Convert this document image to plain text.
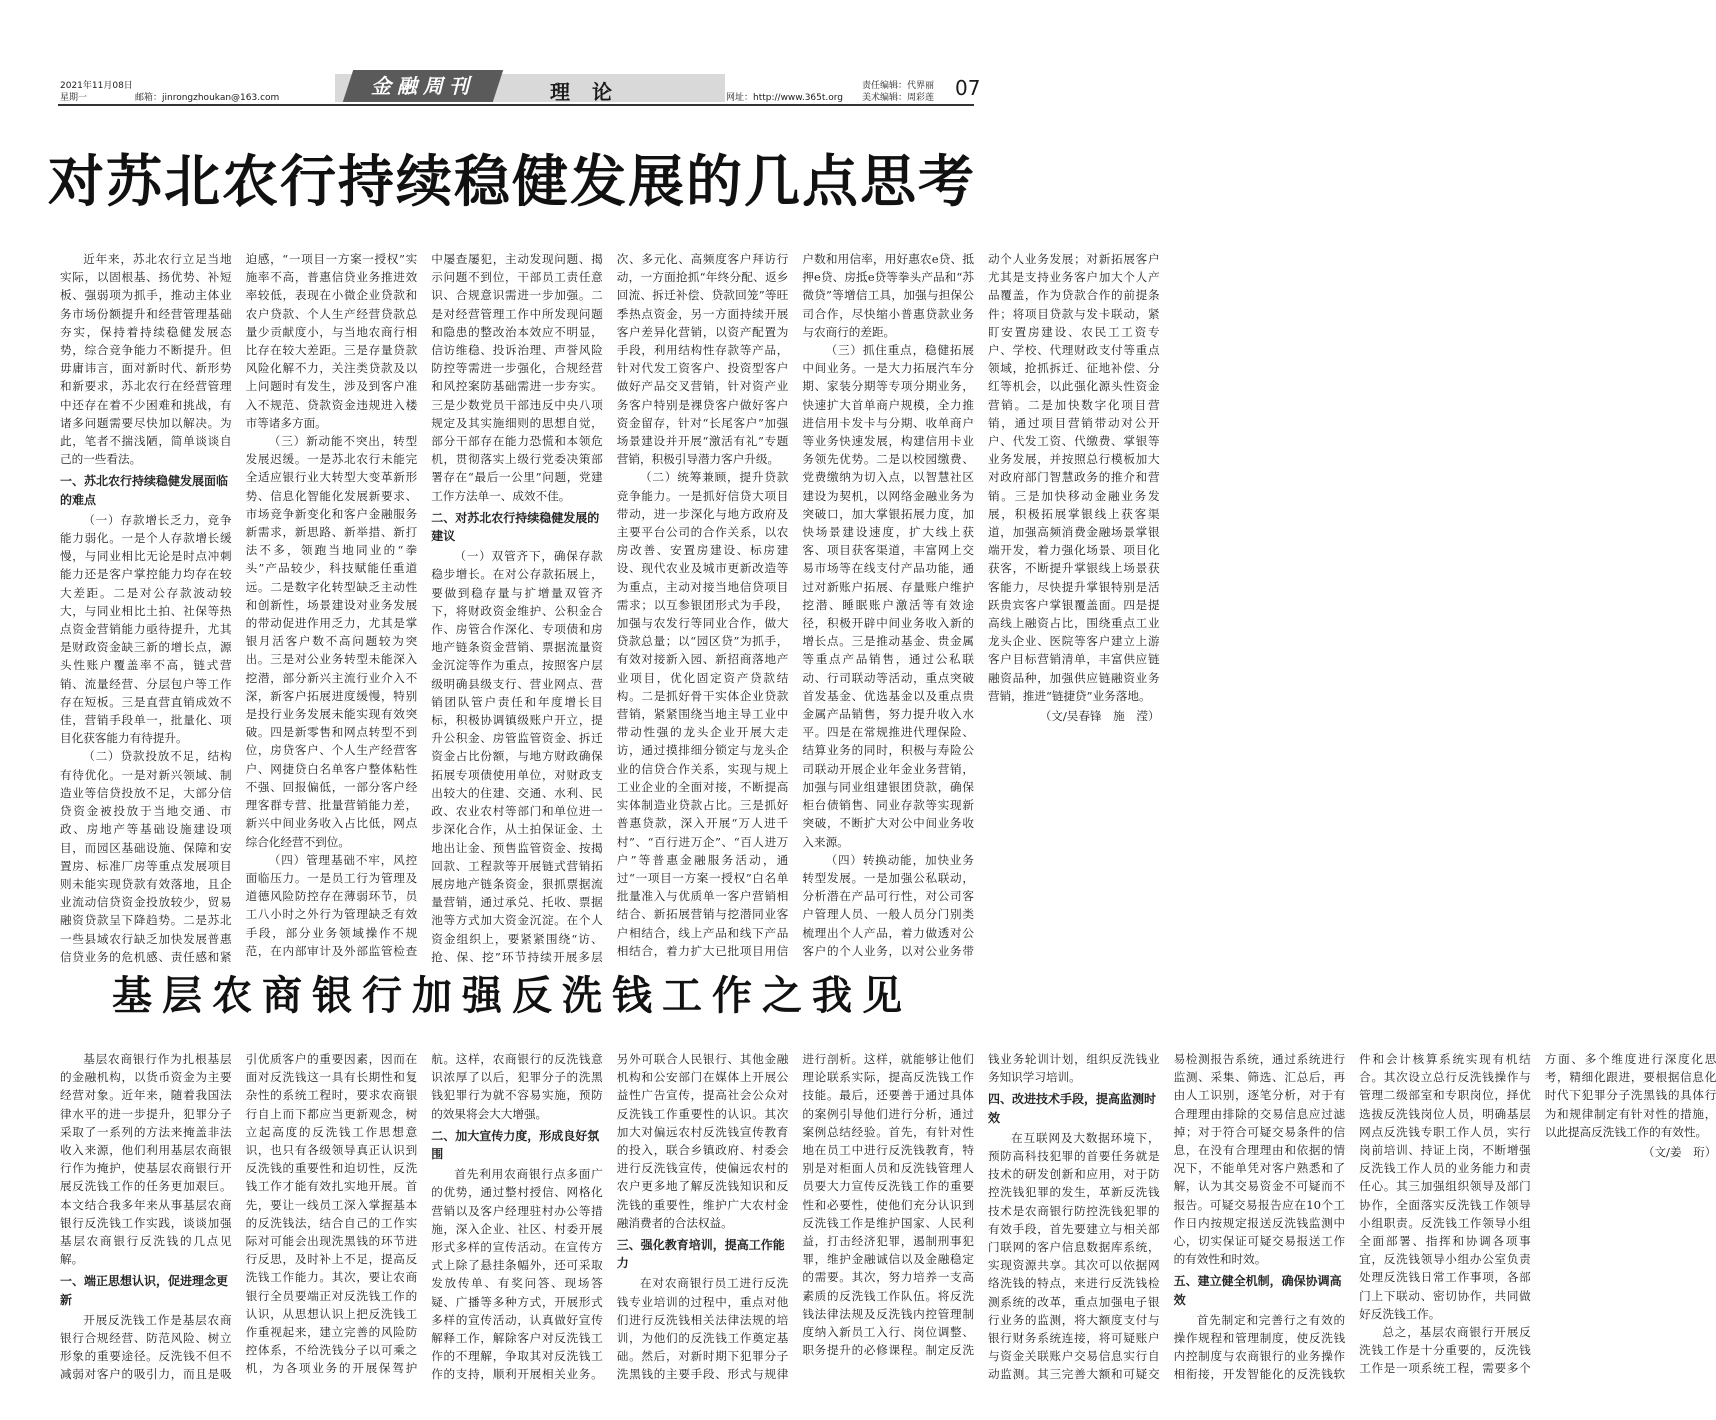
2021年11月08日
星期一	邮箱：jinrongzhoukan@163.com	金融周刊	理论	网址：http://www.365t.org
责任编辑：代界丽
美术编辑：周彩莲 07
对苏北农行持续稳健发展的几点思考

近年来，苏北农行立足当地实际，以固根基、扬优势、补短板、强弱项为抓手，推动主体业务市场份额提升和经营管理基础夯实，保持着持续稳健发展态势，综合竞争能力不断提升。但毋庸讳言，面对新时代、新形势和新要求，苏北农行在经营管理中还存在着不少困难和挑战，有诸多问题需要尽快加以解决。为此，笔者不揣浅陋，简单谈谈自己的一些看法。

一、苏北农行持续稳健发展面临的难点

（一）存款增长乏力，竞争能力弱化。一是个人存款增长缓慢，与同业相比无论是时点冲刺能力还是客户掌控能力均存在较大差距。二是对公存款波动较大，与同业相比土拍、社保等热点资金营销能力亟待提升，尤其是财政资金缺三新的增长点，源头性账户覆盖率不高，链式营销、流量经营、分层包户等工作存在短板。三是直营直销成效不佳，营销手段单一，批量化、项目化获客能力有待提升。

（二）贷款投放不足，结构有待优化。一是对新兴领域、制造业等信贷投放不足，大部分信贷资金被投放于当地交通、市政、房地产等基础设施建设项目，而园区基础设施、保障和安置房、标准厂房等重点发展项目则未能实现贷款有效落地，且企业流动信贷资金投放较少，贸易融资贷款呈下降趋势。二是苏北一些县域农行缺乏加快发展普惠信贷业务的危机感、责任感和紧迫感，“一项目一方案一授权”实施率不高，普惠信贷业务推进效率较低，表现在小微企业贷款和农户贷款、个人生产经营贷款总量少贡献度小，与当地农商行相比存在较大差距。三是存量贷款风险化解不力，关注类贷款及以上问题时有发生，涉及到客户准入不规范、贷款资金违规进入楼市等诸多方面。

（三）新动能不突出，转型发展迟缓。一是苏北农行未能完全适应银行业大转型大变革新形势、信息化智能化发展新要求、市场竞争新变化和客户金融服务新需求，新思路、新举措、新打法不多，领跑当地同业的“拳头”产品较少，科技赋能任重道远。二是数字化转型缺乏主动性和创新性，场景建设对业务发展的带动促进作用乏力，尤其是掌银月活客户数不高问题较为突出。三是对公业务转型未能深入挖潜，部分新兴主流行业介入不深，新客户拓展进度缓慢，特别是投行业务发展未能实现有效突破。四是新零售和网点转型不到位，房贷客户、个人生产经营客户、网捷贷白名单客户整体粘性不强、回报偏低，一部分客户经理客群专营、批量营销能力差，新兴中间业务收入占比低，网点综合化经营不到位。

（四）管理基础不牢，风控面临压力。一是员工行为管理及道德风险防控存在薄弱环节，员工八小时之外行为管理缺乏有效手段，部分业务领域操作不规范，在内部审计及外部监管检查中屡查屡犯，主动发现问题、揭示问题不到位，干部员工责任意识、合规意识需进一步加强。二是对经营管理工作中所发现问题和隐患的整改治本效应不明显，信访维稳、投诉治理、声誉风险防控等需进一步强化，合规经营和风控案防基础需进一步夯实。三是少数党员干部违反中央八项规定及其实施细则的思想自觉，部分干部存在能力恐慌和本领危机，贯彻落实上级行党委决策部署存在“最后一公里”问题，党建工作方法单一、成效不佳。

二、对苏北农行持续稳健发展的建议

（一）双管齐下，确保存款稳步增长。在对公存款拓展上，要做到稳存量与扩增量双管齐下，将财政资金维护、公积金合作、房管合作深化、专项债和房地产链条资金营销、票据流量资金沉淀等作为重点，按照客户层级明确县级支行、营业网点、营销团队管户责任和年度增长目标，积极协调镇级账户开立，提升公积金、房管监管资金、拆迁资金占比份额，与地方财政确保拓展专项债使用单位，对财政支出较大的住建、交通、水利、民政、农业农村等部门和单位进一步深化合作，从土拍保证金、土地出让金、预售监管资金、按揭回款、工程款等开展链式营销拓展房地产链条资金，狠抓票据流量营销，通过承兑、托收、票据池等方式加大资金沉淀。在个人资金组织上，要紧紧围绕“访、抢、保、挖”环节持续开展多层次、多元化、高频度客户拜访行动，一方面抢抓“年终分配、返乡回流、拆迁补偿、贷款回笼”等旺季热点资金，另一方面持续开展客户差异化营销，以资产配置为手段，利用结构性存款等产品，针对代发工资客户、投资型客户做好产品交叉营销，针对资产业务客户特别是裸贷客户做好客户资金留存，针对“长尾客户”加强场景建设并开展“激活有礼”专题营销，积极引导潜力客户升级。

（二）统筹兼顾，提升贷款竞争能力。一是抓好信贷大项目带动，进一步深化与地方政府及主要平台公司的合作关系，以农房改善、安置房建设、标房建设、现代农业及城市更新改造等为重点，主动对接当地信贷项目需求；以互参银团形式为手段，加强与农发行等同业合作，做大贷款总量；以“园区贷”为抓手，有效对接新入园、新招商落地产业项目，优化固定资产贷款结构。二是抓好骨干实体企业贷款营销，紧紧围绕当地主导工业中带动性强的龙头企业开展大走访，通过摸排细分锁定与龙头企业的信贷合作关系，实现与规上工业企业的全面对接，不断提高实体制造业贷款占比。三是抓好普惠贷款，深入开展“万人进千村”、“百行进万企”、“百人进万户”等普惠金融服务活动，通过“一项目一方案一授权”白名单批量准入与优质单一客户营销相结合、新拓展营销与挖潜同业客户相结合，线上产品和线下产品相结合，着力扩大已批项目用信户数和用信率，用好惠农e贷、抵押e贷、房抵e贷等拳头产品和“苏微贷”等增信工具，加强与担保公司合作，尽快缩小普惠贷款业务与农商行的差距。

（三）抓住重点，稳健拓展中间业务。一是大力拓展汽车分期、家装分期等专项分期业务，快速扩大首单商户规模，全力推进信用卡发卡与分期、收单商户等业务快速发展，构建信用卡业务领先优势。二是以校园缴费、党费缴纳为切入点，以智慧社区建设为契机，以网络金融业务为突破口，加大掌银拓展力度，加快场景建设速度，扩大线上获客、项目获客渠道，丰富网上交易市场等在线支付产品功能，通过对新账户拓展、存量账户维护挖潜、睡眠账户激活等有效途径，积极开辟中间业务收入新的增长点。三是推动基金、贵金属等重点产品销售，通过公私联动、行司联动等活动，重点突破首发基金、优选基金以及重点贵金属产品销售，努力提升收入水平。四是在常规推进代理保险、结算业务的同时，积极与寿险公司联动开展企业年金业务营销，加强与同业组建银团贷款，确保柜台债销售、同业存款等实现新突破，不断扩大对公中间业务收入来源。

（四）转换动能，加快业务转型发展。一是加强公私联动，分析潜在产品可行性，对公司客户管理人员、一般人员分门别类梳理出个人产品，着力做透对公客户的个人业务，以对公业务带动个人业务发展；对新拓展客户尤其是支持业务客户加大个人产品覆盖，作为贷款合作的前提条件；将项目贷款与发卡联动，紧盯安置房建设、农民工工资专户、学校、代理财政支付等重点领域，抢抓拆迁、征地补偿、分红等机会，以此强化源头性资金营销。二是加快数字化项目营销，通过项目营销带动对公开户、代发工资、代缴费、掌银等业务发展，并按照总行模板加大对政府部门智慧政务的推介和营销。三是加快移动金融业务发展，积极拓展掌银线上获客渠道，加强高频消费金融场景掌银端开发，着力强化场景、项目化获客，不断提升掌银线上场景获客能力，尽快提升掌银特别是活跃贵宾客户掌银覆盖面。四是提高线上融资占比，围绕重点工业龙头企业、医院等客户建立上游客户目标营销清单，丰富供应链融资品种，加强供应链融资业务营销，推进“链捷贷”业务落地。

（文/吴春锋　施　滢）

基层农商银行加强反洗钱工作之我见

基层农商银行作为扎根基层的金融机构，以货币资金为主要经营对象。近年来，随着我国法律水平的进一步提升，犯罪分子采取了一系列的方法来掩盖非法收入来源，他们利用基层农商银行作为掩护，使基层农商银行开展反洗钱工作的任务更加艰巨。本文结合我多年来从事基层农商银行反洗钱工作实践，谈谈加强基层农商银行反洗钱的几点见解。

一、端正思想认识，促进理念更新

开展反洗钱工作是基层农商银行合规经营、防范风险、树立形象的重要途径。反洗钱不但不减弱对客户的吸引力，而且是吸引优质客户的重要因素，因而在面对反洗钱这一具有长期性和复杂性的系统工程时，要求农商银行自上而下都应当更新观念，树立起高度的反洗钱工作思想意识，也只有各级领导真正认识到反洗钱的重要性和迫切性，反洗钱工作才能有效扎实地开展。首先，要让一线员工深入掌握基本的反洗钱法，结合自己的工作实际对可能会出现洗黑钱的环节进行反思，及时补上不足，提高反洗钱工作能力。其次，要让农商银行全员要端正对反洗钱工作的认识，从思想认识上把反洗钱工作重视起来，建立完善的风险防控体系，不给洗钱分子以可乘之机，为各项业务的开展保驾护航。这样，农商银行的反洗钱意识浓厚了以后，犯罪分子的洗黑钱犯罪行为就不容易实施，预防的效果将会大大增强。

二、加大宣传力度，形成良好氛围

首先利用农商银行点多面广的优势，通过整村授信、网格化营销以及客户经理驻村办公等措施，深入企业、社区、村委开展形式多样的宣传活动。在宣传方式上除了悬挂条幅外，还可采取发放传单、有奖问答、现场答疑、广播等多种方式，开展形式多样的宣传活动，认真做好宣传解释工作，解除客户对反洗钱工作的不理解，争取其对反洗钱工作的支持，顺利开展相关业务。另外可联合人民银行、其他金融机构和公安部门在媒体上开展公益性广告宣传，提高社会公众对反洗钱工作重要性的认识。其次加大对偏远农村反洗钱宣传教育的投入，联合乡镇政府、村委会进行反洗钱宣传，使偏远农村的农户更多地了解反洗钱知识和反洗钱的重要性，维护广大农村金融消费者的合法权益。

三、强化教育培训，提高工作能力

在对农商银行员工进行反洗钱专业培训的过程中，重点对他们进行反洗钱相关法律法规的培训，为他们的反洗钱工作奠定基础。然后，对新时期下犯罪分子洗黑钱的主要手段、形式与规律进行剖析。这样，就能够让他们理论联系实际，提高反洗钱工作技能。最后，还要善于通过具体的案例引导他们进行分析，通过案例总结经验。首先，有针对性地在员工中进行反洗钱教育，特别是对柜面人员和反洗钱管理人员要大力宣传反洗钱工作的重要性和必要性，使他们充分认识到反洗钱工作是维护国家、人民利益，打击经济犯罪，遏制刑事犯罪，维护金融诚信以及金融稳定的需要。其次，努力培养一支高素质的反洗钱工作队伍。将反洗钱法律法规及反洗钱内控管理制度纳入新员工入行、岗位调整、职务提升的必修课程。制定反洗钱业务轮训计划，组织反洗钱业务知识学习培训。

四、改进技术手段，提高监测时效

在互联网及大数据环境下，预防高科技犯罪的首要任务就是技术的研发创新和应用，对于防控洗钱犯罪的发生，革新反洗钱技术是农商银行防控洗钱犯罪的有效手段，首先要建立与相关部门联网的客户信息数据库系统，实现资源共享。其次可以依据网络洗钱的特点，来进行反洗钱检测系统的改革，重点加强电子银行业务的监测，将大额度支付与银行财务系统连接，将可疑账户与资金关联账户交易信息实行自动监测。其三完善大额和可疑交易检测报告系统，通过系统进行监测、采集、筛选、汇总后，再由人工识别，逐笔分析，对于有合理理由排除的交易信息应过滤掉；对于符合可疑交易条件的信息，在没有合理理由和依据的情况下，不能单凭对客户熟悉和了解，认为其交易资金不可疑而不报告。可疑交易报告应在10个工作日内按规定报送反洗钱监测中心，切实保证可疑交易报送工作的有效性和时效。

五、建立健全机制，确保协调高效

首先制定和完善行之有效的操作规程和管理制度，使反洗钱内控制度与农商银行的业务操作相衔接，开发智能化的反洗钱软件和会计核算系统实现有机结合。其次设立总行反洗钱操作与管理二级部室和专职岗位，择优选拔反洗钱岗位人员，明确基层网点反洗钱专职工作人员，实行岗前培训、持证上岗，不断增强反洗钱工作人员的业务能力和责任心。其三加强组织领导及部门协作，全面落实反洗钱工作领导小组职责。反洗钱工作领导小组全面部署、指挥和协调各项事宜，反洗钱领导小组办公室负责处理反洗钱日常工作事项，各部门上下联动、密切协作，共同做好反洗钱工作。

总之，基层农商银行开展反洗钱工作是十分重要的，反洗钱工作是一项系统工程，需要多个方面、多个维度进行深度化思考，精细化跟进，要根据信息化时代下犯罪分子洗黑钱的具体行为和规律制定有针对性的措施，以此提高反洗钱工作的有效性。

（文/姜　珩）
